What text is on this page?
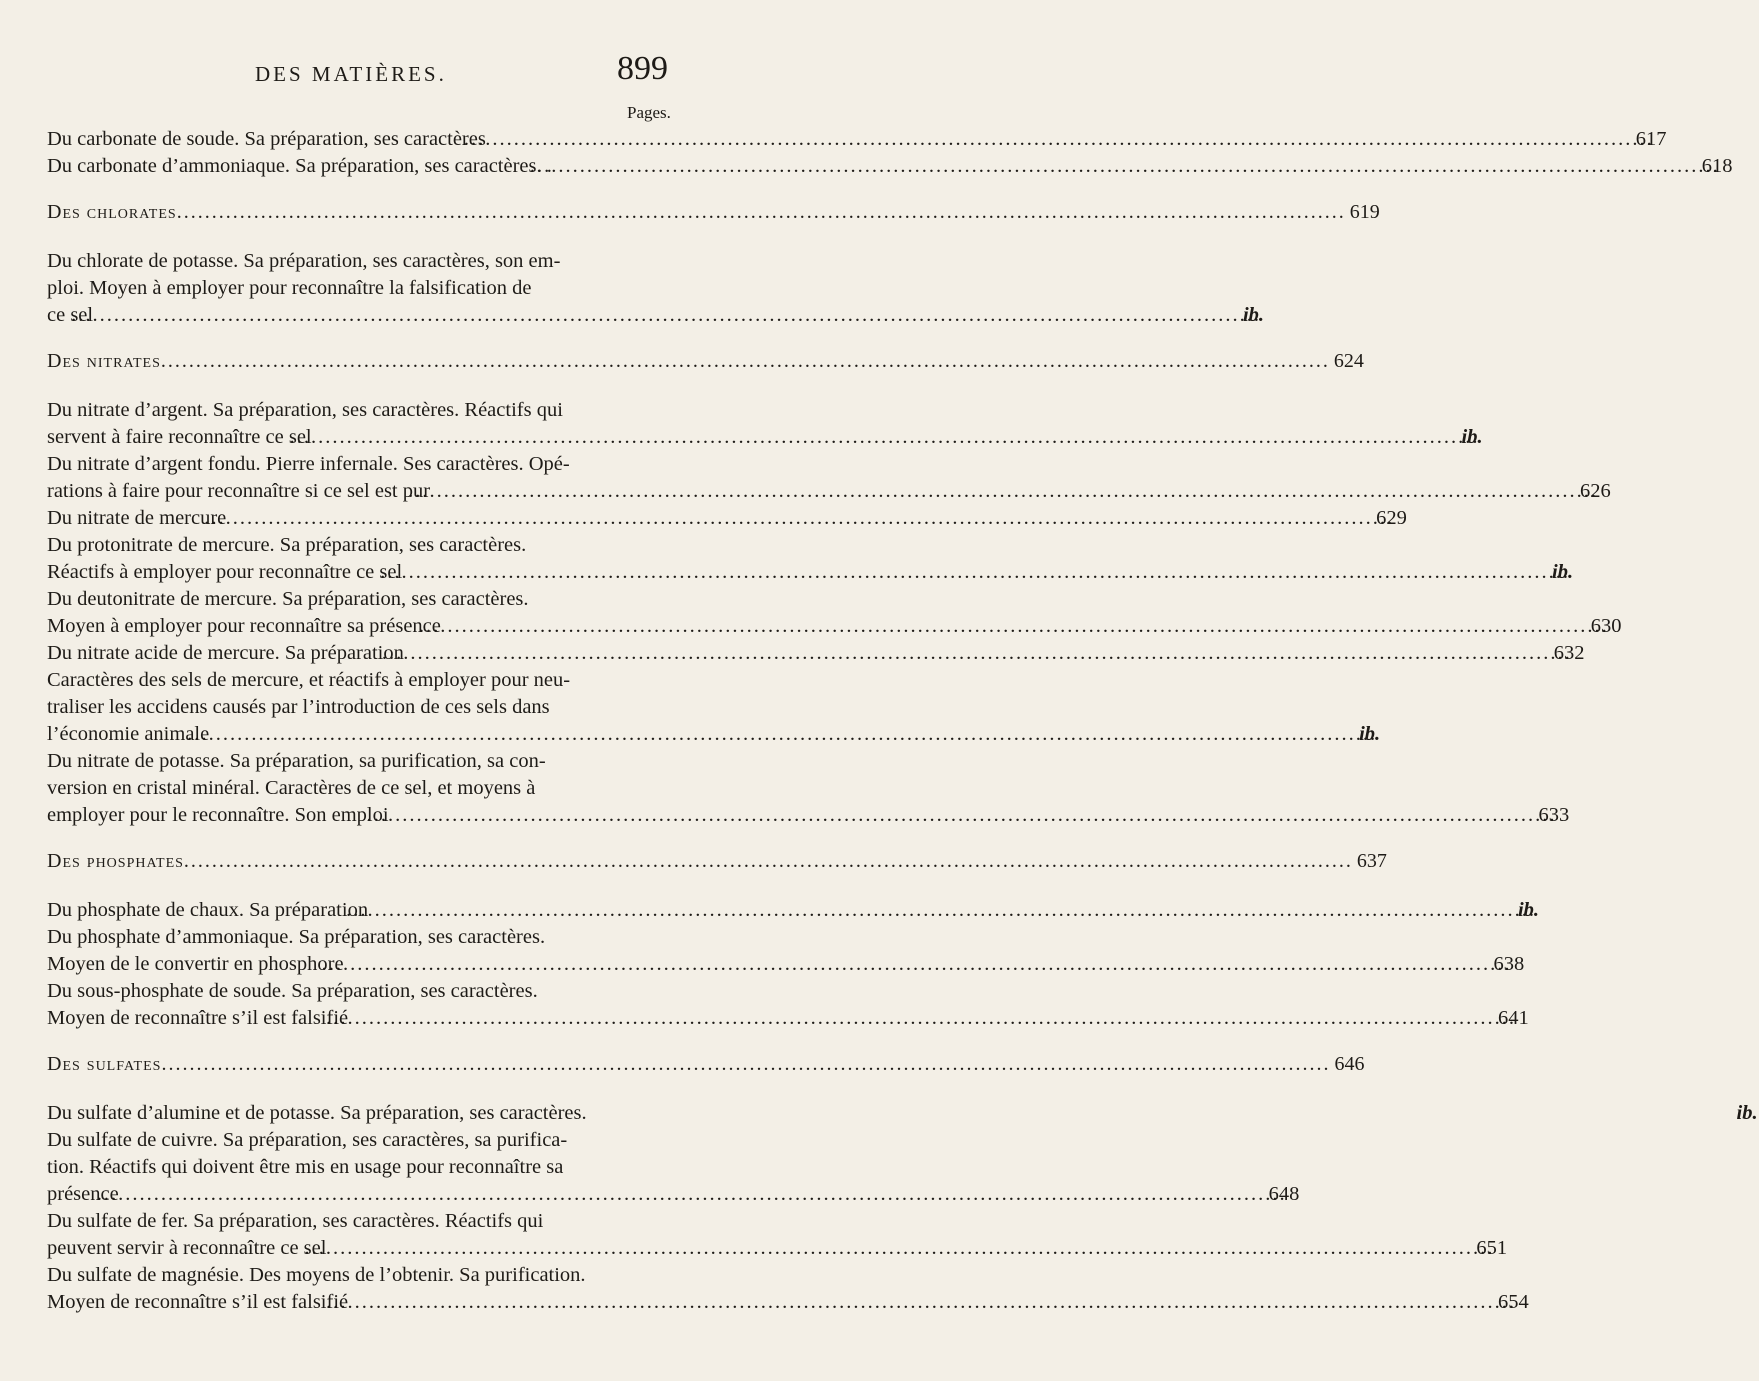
DES MATIÈRES.	899
Pages.
Du carbonate de soude. Sa préparation, ses caractères .....	617
Du carbonate d’ammoniaque. Sa préparation, ses caractères. . .....	618
Des chlorates .....	619
Du chlorate de potasse. Sa préparation, ses caractères, son em-
ploi. Moyen à employer pour reconnaître la falsification de
ce sel .....	ib.
Des nitrates .....	624
Du nitrate d’argent. Sa préparation, ses caractères. Réactifs qui
servent à faire reconnaître ce sel .....	ib.
Du nitrate d’argent fondu. Pierre infernale. Ses caractères. Opé-
rations à faire pour reconnaître si ce sel est pur .....	626
Du nitrate de mercure .....	629
Du protonitrate de mercure. Sa préparation, ses caractères.
Réactifs à employer pour reconnaître ce sel .....	ib.
Du deutonitrate de mercure. Sa préparation, ses caractères.
Moyen à employer pour reconnaître sa présence .....	630
Du nitrate acide de mercure. Sa préparation .....	632
Caractères des sels de mercure, et réactifs à employer pour neu-
traliser les accidens causés par l’introduction de ces sels dans
l’économie animale .....	ib.
Du nitrate de potasse. Sa préparation, sa purification, sa con-
version en cristal minéral. Caractères de ce sel, et moyens à
employer pour le reconnaître. Son emploi .....	633
Des phosphates .....	637
Du phosphate de chaux. Sa préparation .....	ib.
Du phosphate d’ammoniaque. Sa préparation, ses caractères.
Moyen de le convertir en phosphore .....	638
Du sous-phosphate de soude. Sa préparation, ses caractères.
Moyen de reconnaître s’il est falsifié .....	641
Des sulfates .....	646
Du sulfate d’alumine et de potasse. Sa préparation, ses caractères.	ib.
Du sulfate de cuivre. Sa préparation, ses caractères, sa purifica-
tion. Réactifs qui doivent être mis en usage pour reconnaître sa
présence .....	648
Du sulfate de fer. Sa préparation, ses caractères. Réactifs qui
peuvent servir à reconnaître ce sel .....	651
Du sulfate de magnésie. Des moyens de l’obtenir. Sa purification.
Moyen de reconnaître s’il est falsifié .....	654
